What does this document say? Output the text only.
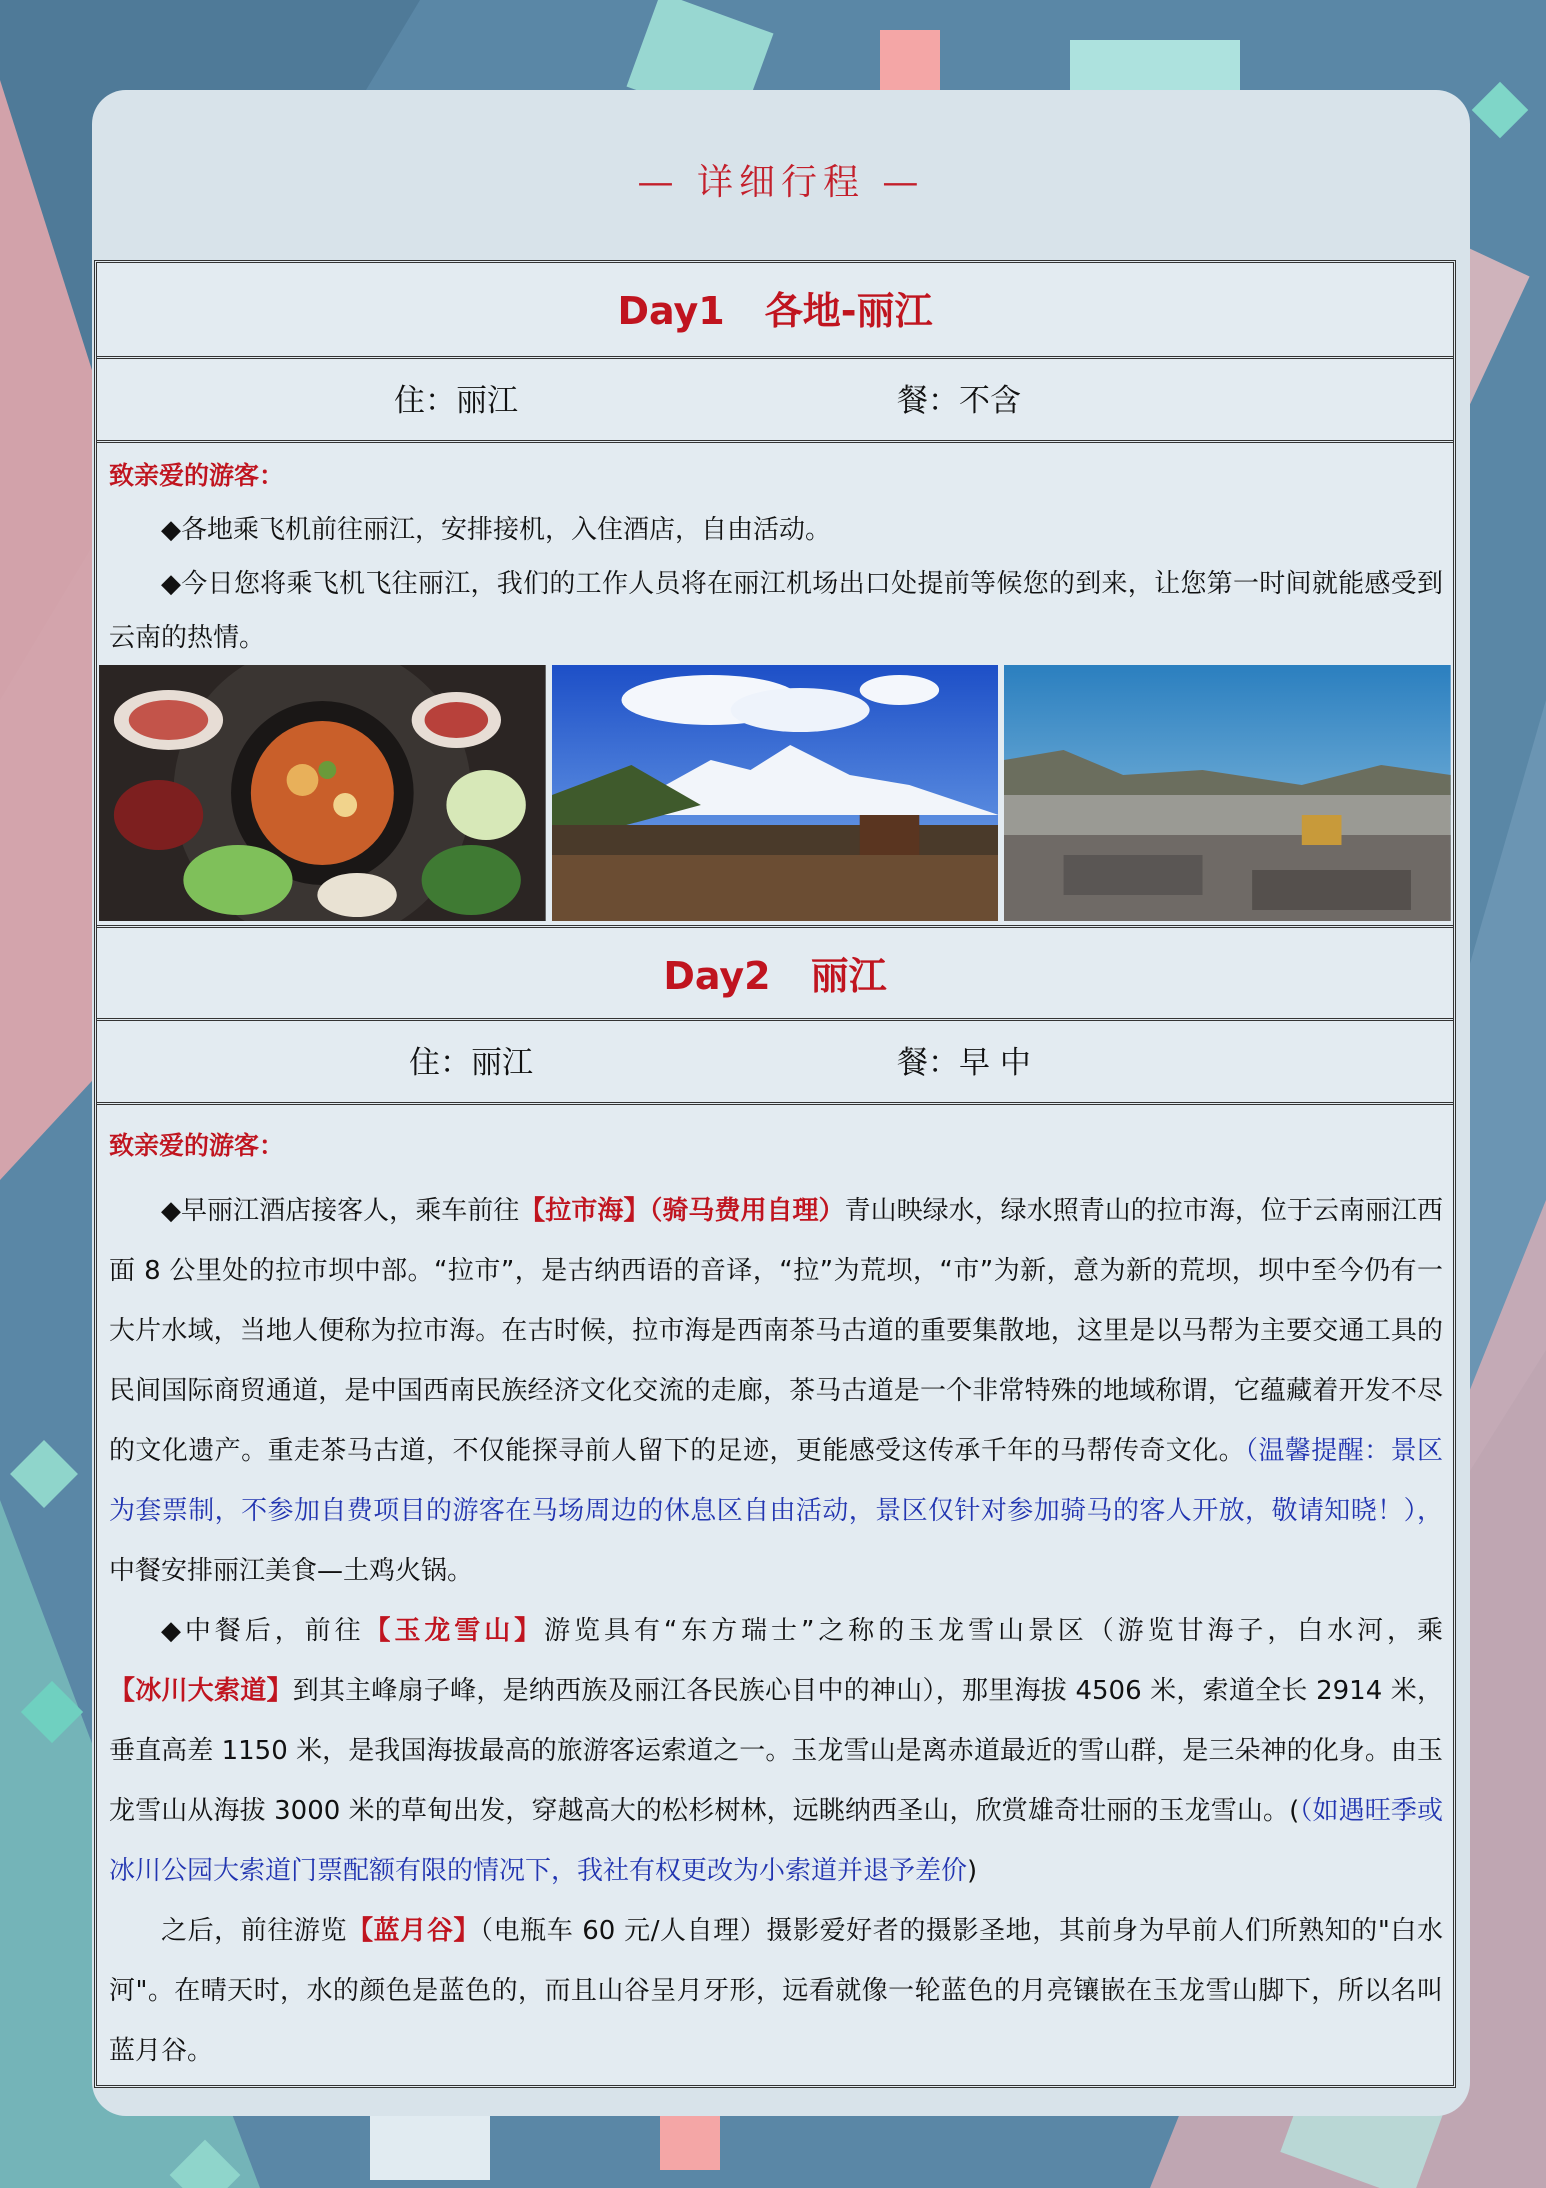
— 详细行程 —
Day1 各地-丽江
住：丽江	餐：不含
致亲爱的游客：

◆各地乘飞机前往丽江，安排接机，入住酒店，自由活动。

◆今日您将乘飞机飞往丽江，我们的工作人员将在丽江机场出口处提前等候您的到来，让您第一时间就能感受到云南的热情。

Day2 丽江
住：丽江	餐：早 中
致亲爱的游客：

◆早丽江酒店接客人，乘车前往【拉市海】（骑马费用自理）青山映绿水，绿水照青山的拉市海，位于云南丽江西面 8 公里处的拉市坝中部。“拉市”，是古纳西语的音译，“拉”为荒坝，“市”为新，意为新的荒坝，坝中至今仍有一大片水域，当地人便称为拉市海。在古时候，拉市海是西南茶马古道的重要集散地，这里是以马帮为主要交通工具的民间国际商贸通道，是中国西南民族经济文化交流的走廊，茶马古道是一个非常特殊的地域称谓，它蕴藏着开发不尽的文化遗产。重走茶马古道，不仅能探寻前人留下的足迹，更能感受这传承千年的马帮传奇文化。（温馨提醒：景区为套票制，不参加自费项目的游客在马场周边的休息区自由活动，景区仅针对参加骑马的客人开放，敬请知晓！），中餐安排丽江美食—土鸡火锅。

◆中餐后，前往【玉龙雪山】游览具有“东方瑞士”之称的玉龙雪山景区（游览甘海子，白水河，乘【冰川大索道】到其主峰扇子峰，是纳西族及丽江各民族心目中的神山），那里海拔 4506 米，索道全长 2914 米，垂直高差 1150 米，是我国海拔最高的旅游客运索道之一。玉龙雪山是离赤道最近的雪山群，是三朵神的化身。由玉龙雪山从海拔 3000 米的草甸出发，穿越高大的松杉树林，远眺纳西圣山，欣赏雄奇壮丽的玉龙雪山。(（如遇旺季或冰川公园大索道门票配额有限的情况下，我社有权更改为小索道并退予差价)

之后，前往游览【蓝月谷】（电瓶车 60 元/人自理）摄影爱好者的摄影圣地，其前身为早前人们所熟知的"白水河"。在晴天时，水的颜色是蓝色的，而且山谷呈月牙形，远看就像一轮蓝色的月亮镶嵌在玉龙雪山脚下，所以名叫蓝月谷。
